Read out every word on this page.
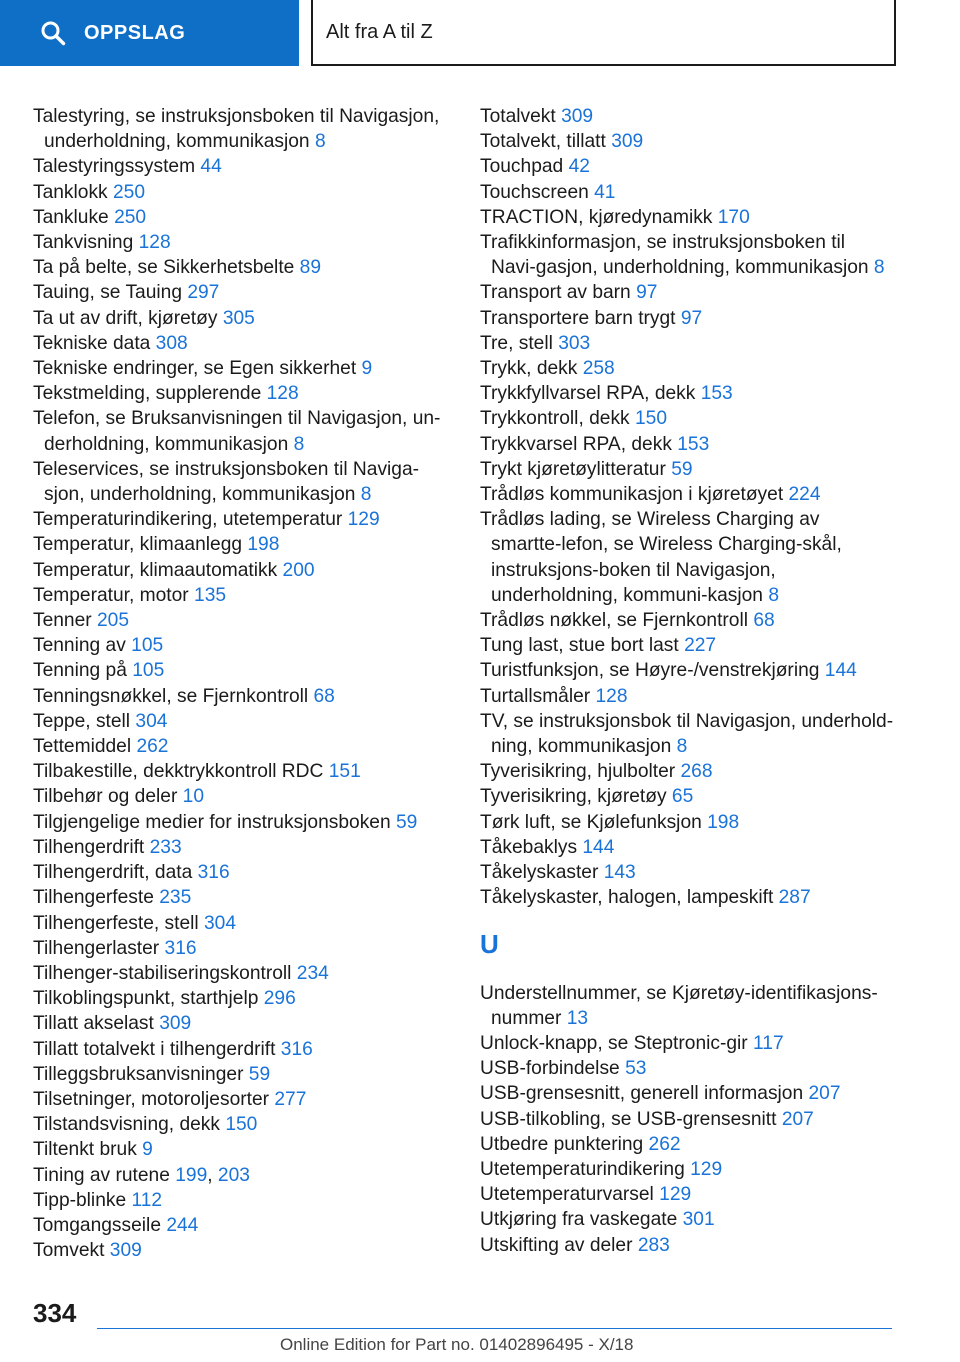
OPPSLAG	Alt fra A til Z
Talestyring, se instruksjonsboken til Navigasjon, underholdning, kommunikasjon 8
Talestyringssystem 44
Tanklokk 250
Tankluke 250
Tankvisning 128
Ta på belte, se Sikkerhetsbelte 89
Tauing, se Tauing 297
Ta ut av drift, kjøretøy 305
Tekniske data 308
Tekniske endringer, se Egen sikkerhet 9
Tekstmelding, supplerende 128
Telefon, se Bruksanvisningen til Navigasjon, un-derholdning, kommunikasjon 8
Teleservices, se instruksjonsboken til Naviga-sjon, underholdning, kommunikasjon 8
Temperaturindikering, utetemperatur 129
Temperatur, klimaanlegg 198
Temperatur, klimaautomatikk 200
Temperatur, motor 135
Tenner 205
Tenning av 105
Tenning på 105
Tenningsnøkkel, se Fjernkontroll 68
Teppe, stell 304
Tettemiddel 262
Tilbakestille, dekktrykkontroll RDC 151
Tilbehør og deler 10
Tilgjengelige medier for instruksjonsboken 59
Tilhengerdrift 233
Tilhengerdrift, data 316
Tilhengerfeste 235
Tilhengerfeste, stell 304
Tilhengerlaster 316
Tilhenger-stabiliseringskontroll 234
Tilkoblingspunkt, starthjelp 296
Tillatt akselast 309
Tillatt totalvekt i tilhengerdrift 316
Tilleggsbruksanvisninger 59
Tilsetninger, motoroljesorter 277
Tilstandsvisning, dekk 150
Tiltenkt bruk 9
Tining av rutene 199, 203
Tipp-blinke 112
Tomgangsseile 244
Tomvekt 309
Totalvekt 309
Totalvekt, tillatt 309
Touchpad 42
Touchscreen 41
TRACTION, kjøredynamikk 170
Trafikkinformasjon, se instruksjonsboken til Navi-gasjon, underholdning, kommunikasjon 8
Transport av barn 97
Transportere barn trygt 97
Tre, stell 303
Trykk, dekk 258
Trykkfyllvarsel RPA, dekk 153
Trykkontroll, dekk 150
Trykkvarsel RPA, dekk 153
Trykt kjøretøylitteratur 59
Trådløs kommunikasjon i kjøretøyet 224
Trådløs lading, se Wireless Charging av smartte-lefon, se Wireless Charging-skål, instruksjons-boken til Navigasjon, underholdning, kommuni-kasjon 8
Trådløs nøkkel, se Fjernkontroll 68
Tung last, stue bort last 227
Turistfunksjon, se Høyre-/venstrekjøring 144
Turtallsmåler 128
TV, se instruksjonsbok til Navigasjon, underhold-ning, kommunikasjon 8
Tyverisikring, hjulbolter 268
Tyverisikring, kjøretøy 65
Tørk luft, se Kjølefunksjon 198
Tåkebaklys 144
Tåkelyskaster 143
Tåkelyskaster, halogen, lampeskift 287
U
Understellnummer, se Kjøretøy-identifikasjons-nummer 13
Unlock-knapp, se Steptronic-gir 117
USB-forbindelse 53
USB-grensesnitt, generell informasjon 207
USB-tilkobling, se USB-grensesnitt 207
Utbedre punktering 262
Utetemperaturindikering 129
Utetemperaturvarsel 129
Utkjøring fra vaskegate 301
Utskifting av deler 283
334
Online Edition for Part no. 01402896495 - X/18
